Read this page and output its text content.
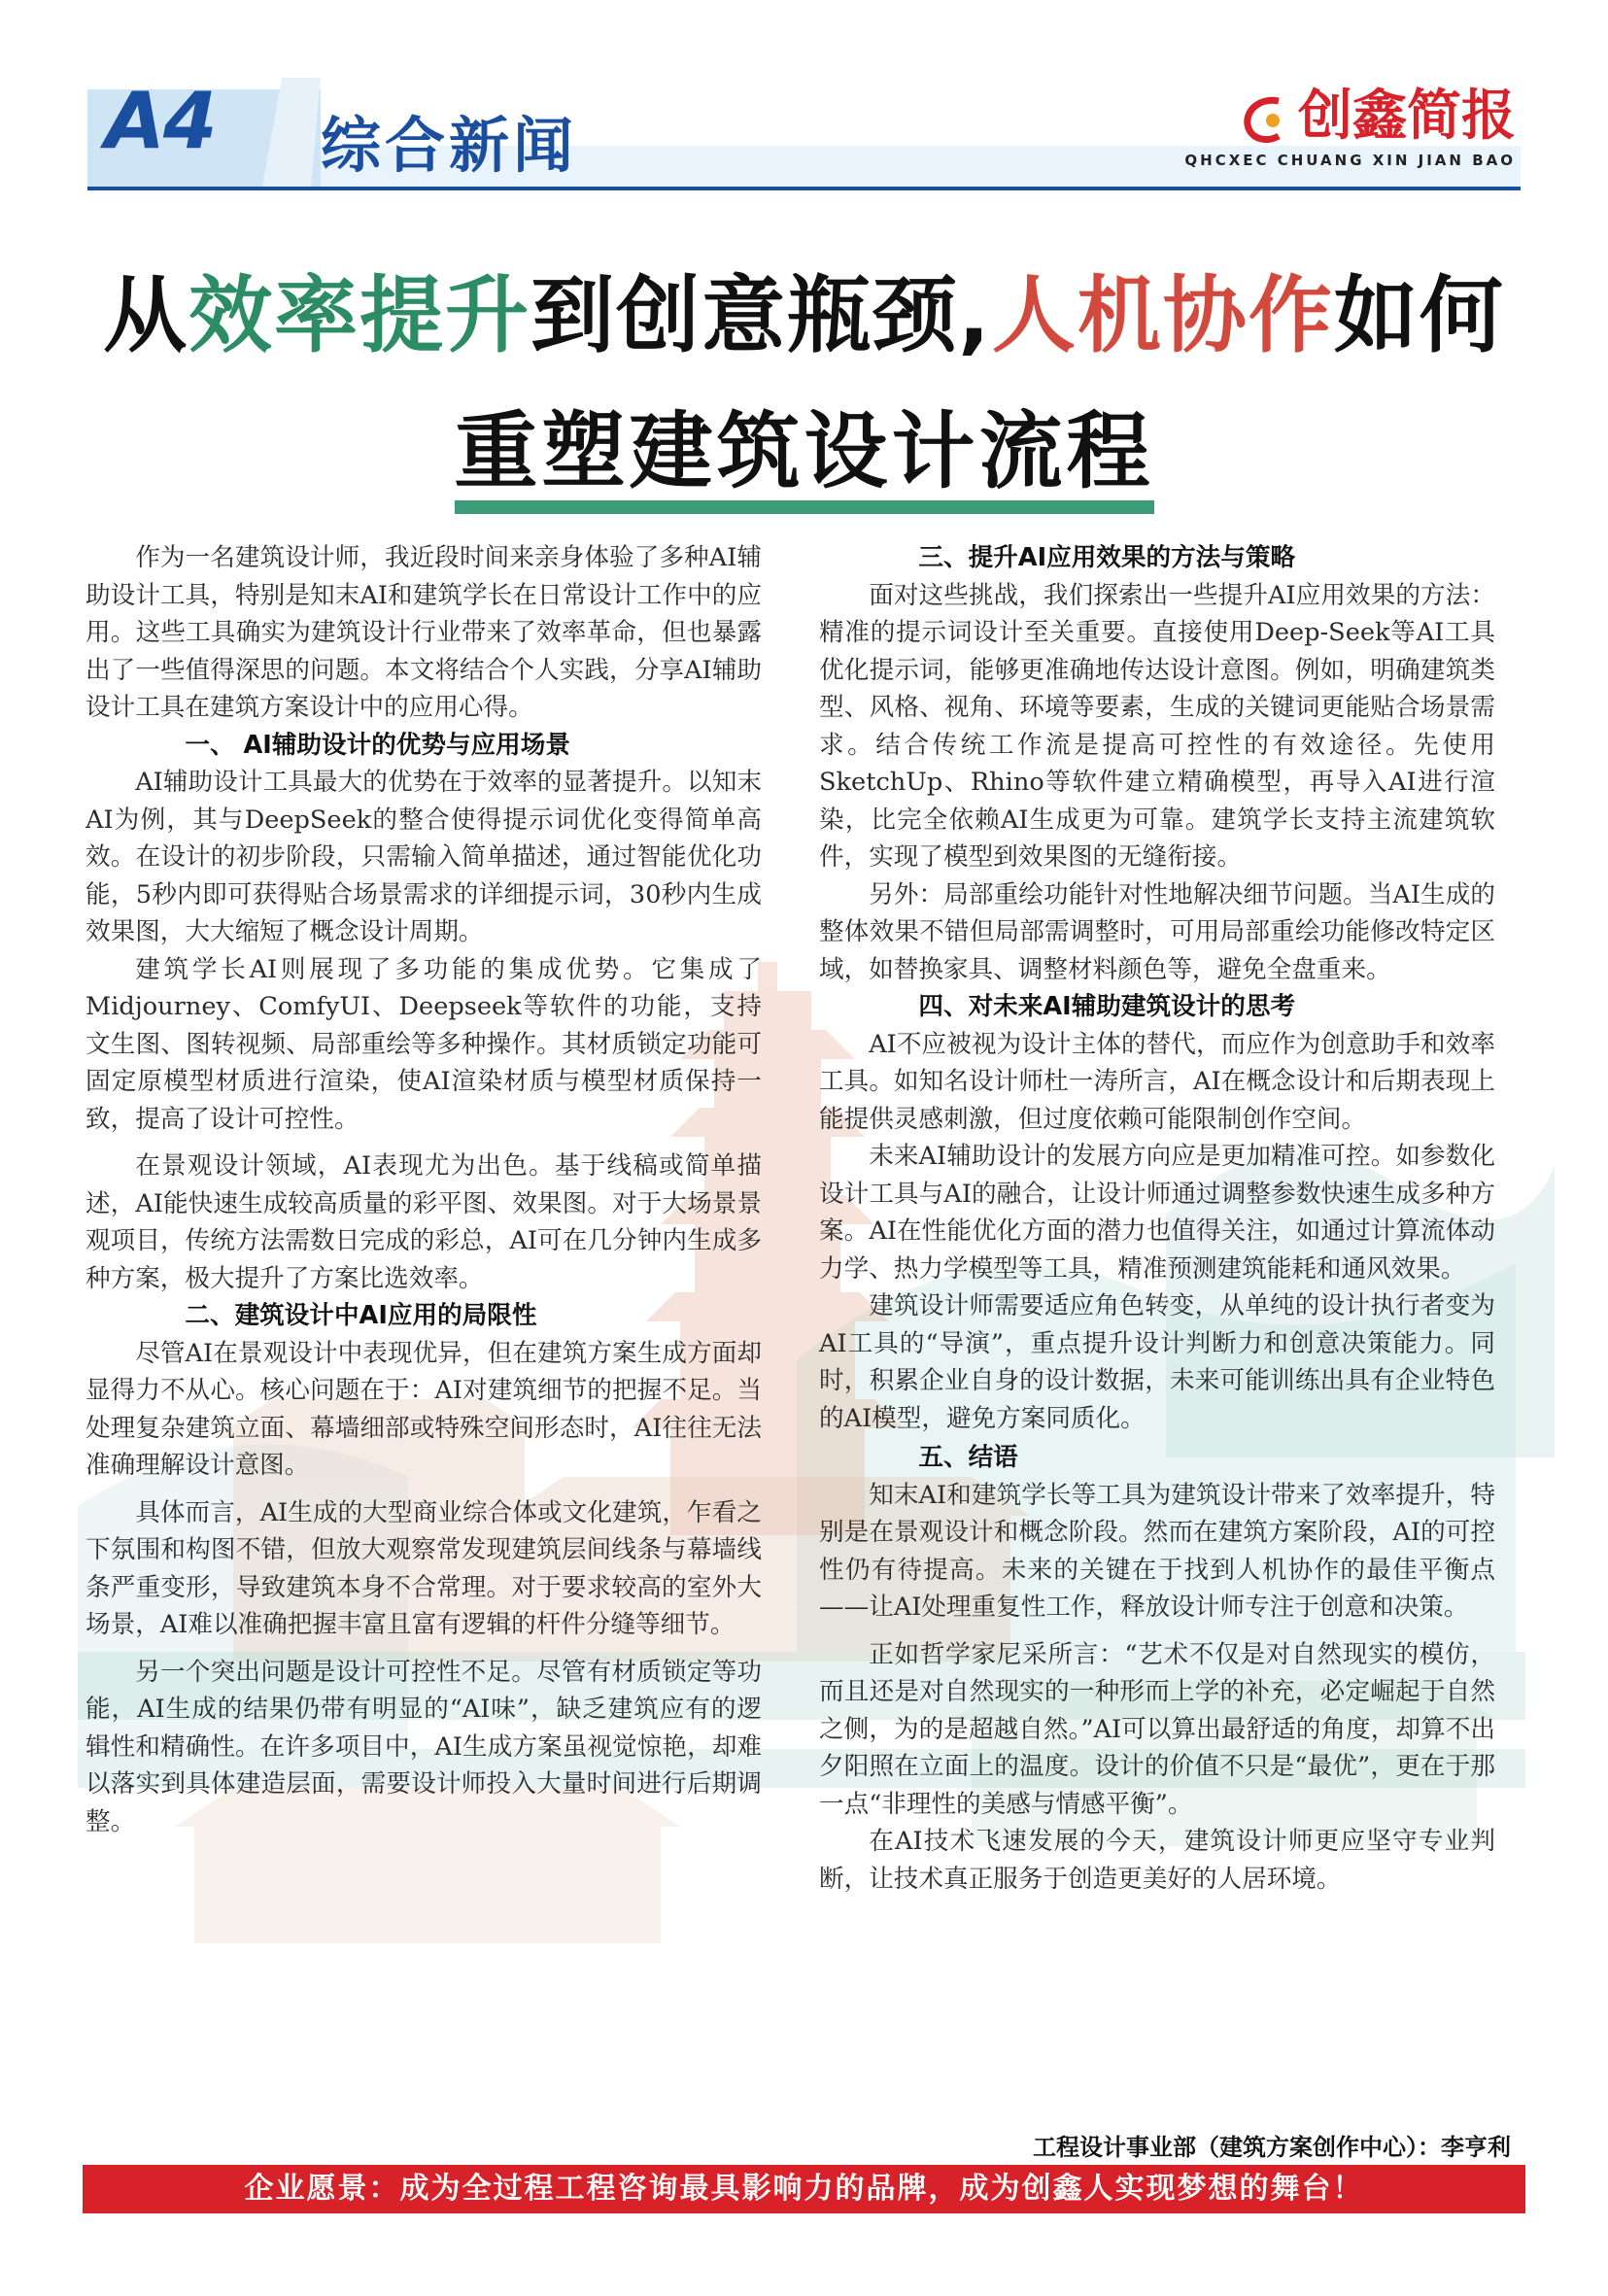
A4 综合新闻	创鑫简报
QHCXEC CHUANG XIN JIAN BAO
从效率提升到创意瓶颈,人机协作如何
重塑建筑设计流程

作为一名建筑设计师，我近段时间来亲身体验了多种AI辅助设计工具，特别是知末AI和建筑学长在日常设计工作中的应用。这些工具确实为建筑设计行业带来了效率革命，但也暴露出了一些值得深思的问题。本文将结合个人实践，分享AI辅助设计工具在建筑方案设计中的应用心得。

一、 AI辅助设计的优势与应用场景

AI辅助设计工具最大的优势在于效率的显著提升。以知末AI为例，其与DeepSeek的整合使得提示词优化变得简单高效。在设计的初步阶段，只需输入简单描述，通过智能优化功能，5秒内即可获得贴合场景需求的详细提示词，30秒内生成效果图，大大缩短了概念设计周期。

建筑学长AI则展现了多功能的集成优势。它集成了Midjourney、ComfyUI、Deepseek等软件的功能，支持文生图、图转视频、局部重绘等多种操作。其材质锁定功能可固定原模型材质进行渲染，使AI渲染材质与模型材质保持一致，提高了设计可控性。

在景观设计领域，AI表现尤为出色。基于线稿或简单描述，AI能快速生成较高质量的彩平图、效果图。对于大场景景观项目，传统方法需数日完成的彩总，AI可在几分钟内生成多种方案，极大提升了方案比选效率。

二、建筑设计中AI应用的局限性

尽管AI在景观设计中表现优异，但在建筑方案生成方面却显得力不从心。核心问题在于：AI对建筑细节的把握不足。当处理复杂建筑立面、幕墙细部或特殊空间形态时，AI往往无法准确理解设计意图。

具体而言，AI生成的大型商业综合体或文化建筑，乍看之下氛围和构图不错，但放大观察常发现建筑层间线条与幕墙线条严重变形，导致建筑本身不合常理。对于要求较高的室外大场景，AI难以准确把握丰富且富有逻辑的杆件分缝等细节。

另一个突出问题是设计可控性不足。尽管有材质锁定等功能，AI生成的结果仍带有明显的“AI味”，缺乏建筑应有的逻辑性和精确性。在许多项目中，AI生成方案虽视觉惊艳，却难以落实到具体建造层面，需要设计师投入大量时间进行后期调整。

三、提升AI应用效果的方法与策略

面对这些挑战，我们探索出一些提升AI应用效果的方法：精准的提示词设计至关重要。直接使用Deep-Seek等AI工具优化提示词，能够更准确地传达设计意图。例如，明确建筑类型、风格、视角、环境等要素，生成的关键词更能贴合场景需求。结合传统工作流是提高可控性的有效途径。先使用SketchUp、Rhino等软件建立精确模型，再导入AI进行渲染，比完全依赖AI生成更为可靠。建筑学长支持主流建筑软件，实现了模型到效果图的无缝衔接。

另外：局部重绘功能针对性地解决细节问题。当AI生成的整体效果不错但局部需调整时，可用局部重绘功能修改特定区域，如替换家具、调整材料颜色等，避免全盘重来。

四、对未来AI辅助建筑设计的思考

AI不应被视为设计主体的替代，而应作为创意助手和效率工具。如知名设计师杜一涛所言，AI在概念设计和后期表现上能提供灵感刺激，但过度依赖可能限制创作空间。

未来AI辅助设计的发展方向应是更加精准可控。如参数化设计工具与AI的融合，让设计师通过调整参数快速生成多种方案。AI在性能优化方面的潜力也值得关注，如通过计算流体动力学、热力学模型等工具，精准预测建筑能耗和通风效果。

建筑设计师需要适应角色转变，从单纯的设计执行者变为AI工具的“导演”，重点提升设计判断力和创意决策能力。同时，积累企业自身的设计数据，未来可能训练出具有企业特色的AI模型，避免方案同质化。

五、结语

知末AI和建筑学长等工具为建筑设计带来了效率提升，特别是在景观设计和概念阶段。然而在建筑方案阶段，AI的可控性仍有待提高。未来的关键在于找到人机协作的最佳平衡点——让AI处理重复性工作，释放设计师专注于创意和决策。

正如哲学家尼采所言：“艺术不仅是对自然现实的模仿，而且还是对自然现实的一种形而上学的补充，必定崛起于自然之侧，为的是超越自然。”AI可以算出最舒适的角度，却算不出夕阳照在立面上的温度。设计的价值不只是“最优”，更在于那一点“非理性的美感与情感平衡”。

在AI技术飞速发展的今天，建筑设计师更应坚守专业判断，让技术真正服务于创造更美好的人居环境。

工程设计事业部（建筑方案创作中心）：李亨利
企业愿景：成为全过程工程咨询最具影响力的品牌，成为创鑫人实现梦想的舞台！
